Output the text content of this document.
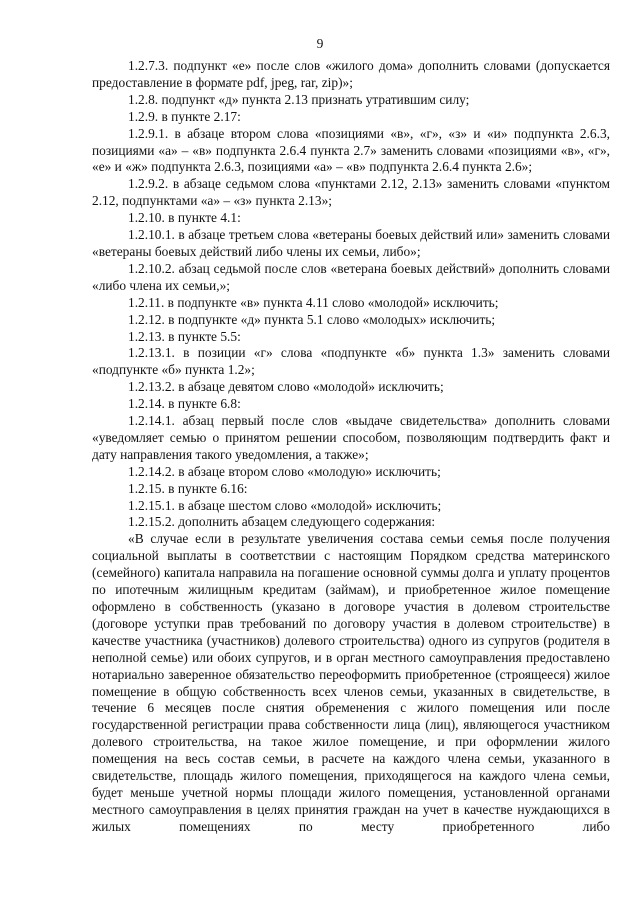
9

1.2.7.3. подпункт «е» после слов «жилого дома» дополнить словами (допускается предоставление в формате pdf, jpeg, rar, zip)»;

1.2.8. подпункт «д» пункта 2.13 признать утратившим силу;

1.2.9. в пункте 2.17:

1.2.9.1. в абзаце втором слова «позициями «в», «г», «з» и «и» подпункта 2.6.3, позициями «а» – «в» подпункта 2.6.4 пункта 2.7» заменить словами «позициями «в», «г», «е» и «ж» подпункта 2.6.3, позициями «а» – «в» подпункта 2.6.4 пункта 2.6»;

1.2.9.2. в абзаце седьмом слова «пунктами 2.12, 2.13» заменить словами «пунктом 2.12, подпунктами «а» – «з» пункта 2.13»;

1.2.10. в пункте 4.1:

1.2.10.1. в абзаце третьем слова «ветераны боевых действий или» заменить словами «ветераны боевых действий либо члены их семьи, либо»;

1.2.10.2. абзац седьмой после слов «ветерана боевых действий» дополнить словами «либо члена их семьи,»;

1.2.11. в подпункте «в» пункта 4.11 слово «молодой» исключить;

1.2.12. в подпункте «д» пункта 5.1 слово «молодых» исключить;

1.2.13. в пункте 5.5:

1.2.13.1. в позиции «г» слова «подпункте «б» пункта 1.3» заменить словами «подпункте «б» пункта 1.2»;

1.2.13.2. в абзаце девятом слово «молодой» исключить;

1.2.14. в пункте 6.8:

1.2.14.1. абзац первый после слов «выдаче свидетельства» дополнить словами «уведомляет семью о принятом решении способом, позволяющим подтвердить факт и дату направления такого уведомления, а также»;

1.2.14.2. в абзаце втором слово «молодую» исключить;

1.2.15. в пункте 6.16:

1.2.15.1. в абзаце шестом слово «молодой» исключить;

1.2.15.2. дополнить абзацем следующего содержания:

«В случае если в результате увеличения состава семьи семья после получения социальной выплаты в соответствии с настоящим Порядком средства материнского (семейного) капитала направила на погашение основной суммы долга и уплату процентов по ипотечным жилищным кредитам (займам), и приобретенное жилое помещение оформлено в собственность (указано в договоре участия в долевом строительстве (договоре уступки прав требований по договору участия в долевом строительстве) в качестве участника (участников) долевого строительства) одного из супругов (родителя в неполной семье) или обоих супругов, и в орган местного самоуправления предоставлено нотариально заверенное обязательство переоформить приобретенное (строящееся) жилое помещение в общую собственность всех членов семьи, указанных в свидетельстве, в течение 6 месяцев после снятия обременения с жилого помещения или после государственной регистрации права собственности лица (лиц), являющегося участником долевого строительства, на такое жилое помещение, и при оформлении жилого помещения на весь состав семьи, в расчете на каждого члена семьи, указанного в свидетельстве, площадь жилого помещения, приходящегося на каждого члена семьи, будет меньше учетной нормы площади жилого помещения, установленной органами местного самоуправления в целях принятия граждан на учет в качестве нуждающихся в жилых помещениях по месту приобретенного либо
